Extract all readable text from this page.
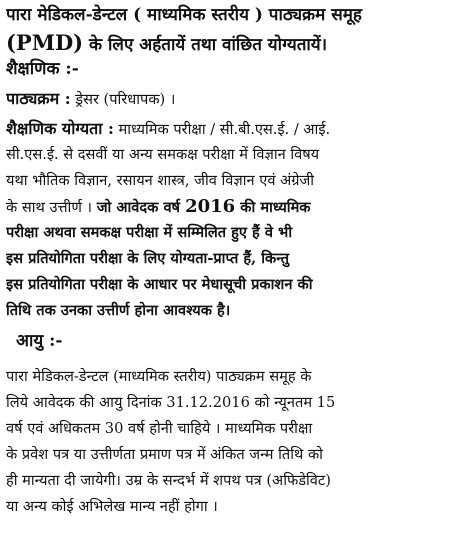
पारा मेडिकल-डेन्टल ( माध्यमिक स्तरीय ) पाठ्यक्रम समूह
(PMD) के लिए अर्हतायें तथा वांछित योग्यतायें।
शैक्षणिक :-
पाठ्यक्रम : ड्रेसर (परिधापक) ।
शैक्षणिक योग्यता : माध्यमिक परीक्षा / सी.बी.एस.ई. / आई.
सी.एस.ई. से दसवीं या अन्य समकक्ष परीक्षा में विज्ञान विषय
यथा भौतिक विज्ञान, रसायन शास्त्र, जीव विज्ञान एवं अंग्रेजी
के साथ उत्तीर्ण । जो आवेदक वर्ष 2016 की माध्यमिक
परीक्षा अथवा समकक्ष परीक्षा में सम्मिलित हुए हैं वे भी
इस प्रतियोगिता परीक्षा के लिए योग्यता-प्राप्त हैं, किन्तु
इस प्रतियोगिता परीक्षा के आधार पर मेधासूची प्रकाशन की
तिथि तक उनका उत्तीर्ण होना आवश्यक है।
आयु :-
पारा मेडिकल-डेन्टल (माध्यमिक स्तरीय) पाठ्यक्रम समूह के
लिये आवेदक की आयु दिनांक 31.12.2016 को न्यूनतम 15
वर्ष एवं अधिकतम 30 वर्ष होनी चाहिये । माध्यमिक परीक्षा
के प्रवेश पत्र या उत्तीर्णता प्रमाण पत्र में अंकित जन्म तिथि को
ही मान्यता दी जायेगी। उम्र के सन्दर्भ में शपथ पत्र (अफिडेविट)
या अन्य कोई अभिलेख मान्य नहीं होगा ।
